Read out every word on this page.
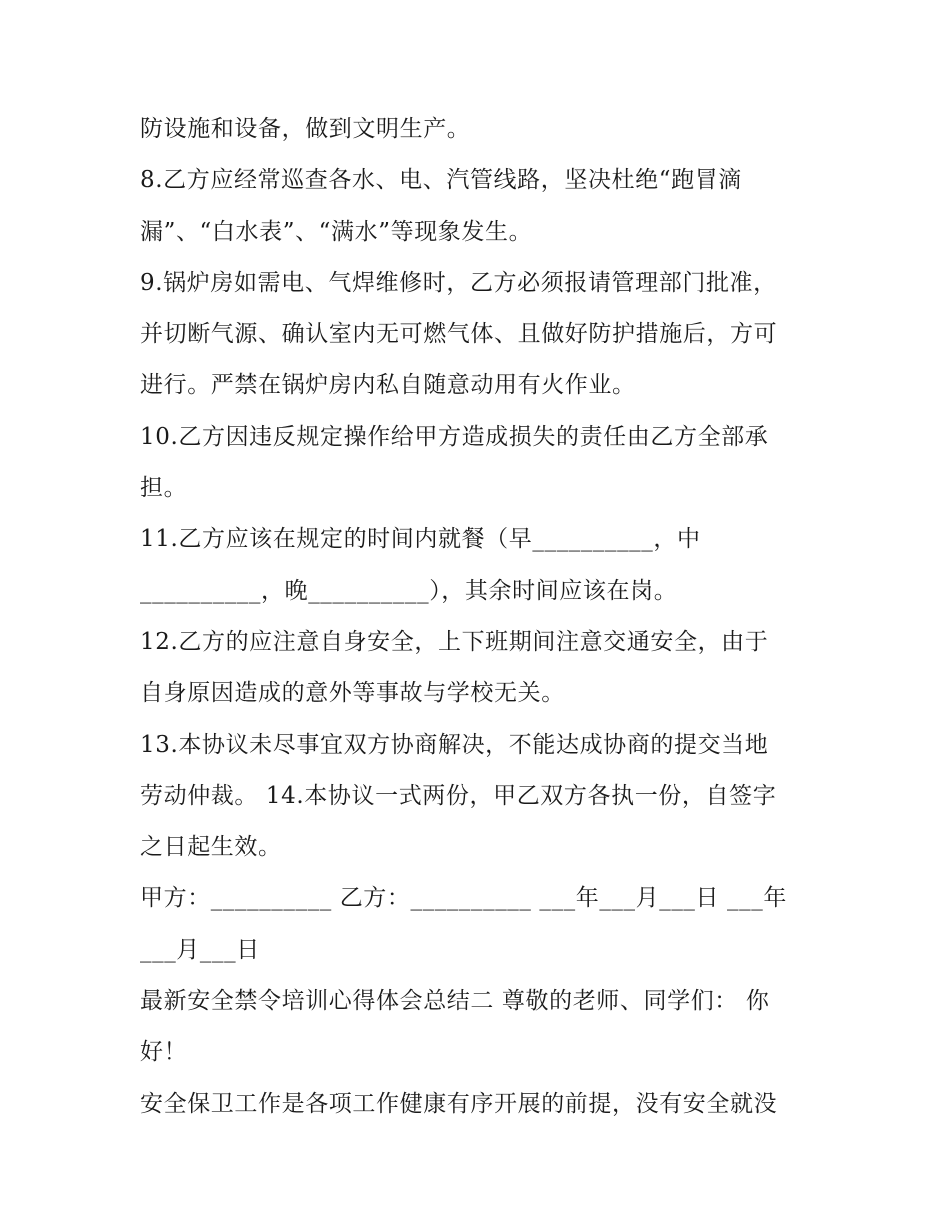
防设施和设备，做到文明生产。
8.乙方应经常巡查各水、电、汽管线路，坚决杜绝“跑冒滴
漏”、“白水表”、“满水”等现象发生。
9.锅炉房如需电、气焊维修时，乙方必须报请管理部门批准，
并切断气源、确认室内无可燃气体、且做好防护措施后，方可
进行。严禁在锅炉房内私自随意动用有火作业。
10.乙方因违反规定操作给甲方造成损失的责任由乙方全部承
担。
11.乙方应该在规定的时间内就餐（早__________，中
__________，晚__________），其余时间应该在岗。
12.乙方的应注意自身安全，上下班期间注意交通安全，由于
自身原因造成的意外等事故与学校无关。
13.本协议未尽事宜双方协商解决，不能达成协商的提交当地
劳动仲裁。 14.本协议一式两份，甲乙双方各执一份，自签字
之日起生效。
甲方：__________ 乙方：__________ ___年___月___日 ___年
___月___日
最新安全禁令培训心得体会总结二 尊敬的老师、同学们： 你
好！
安全保卫工作是各项工作健康有序开展的前提，没有安全就没
